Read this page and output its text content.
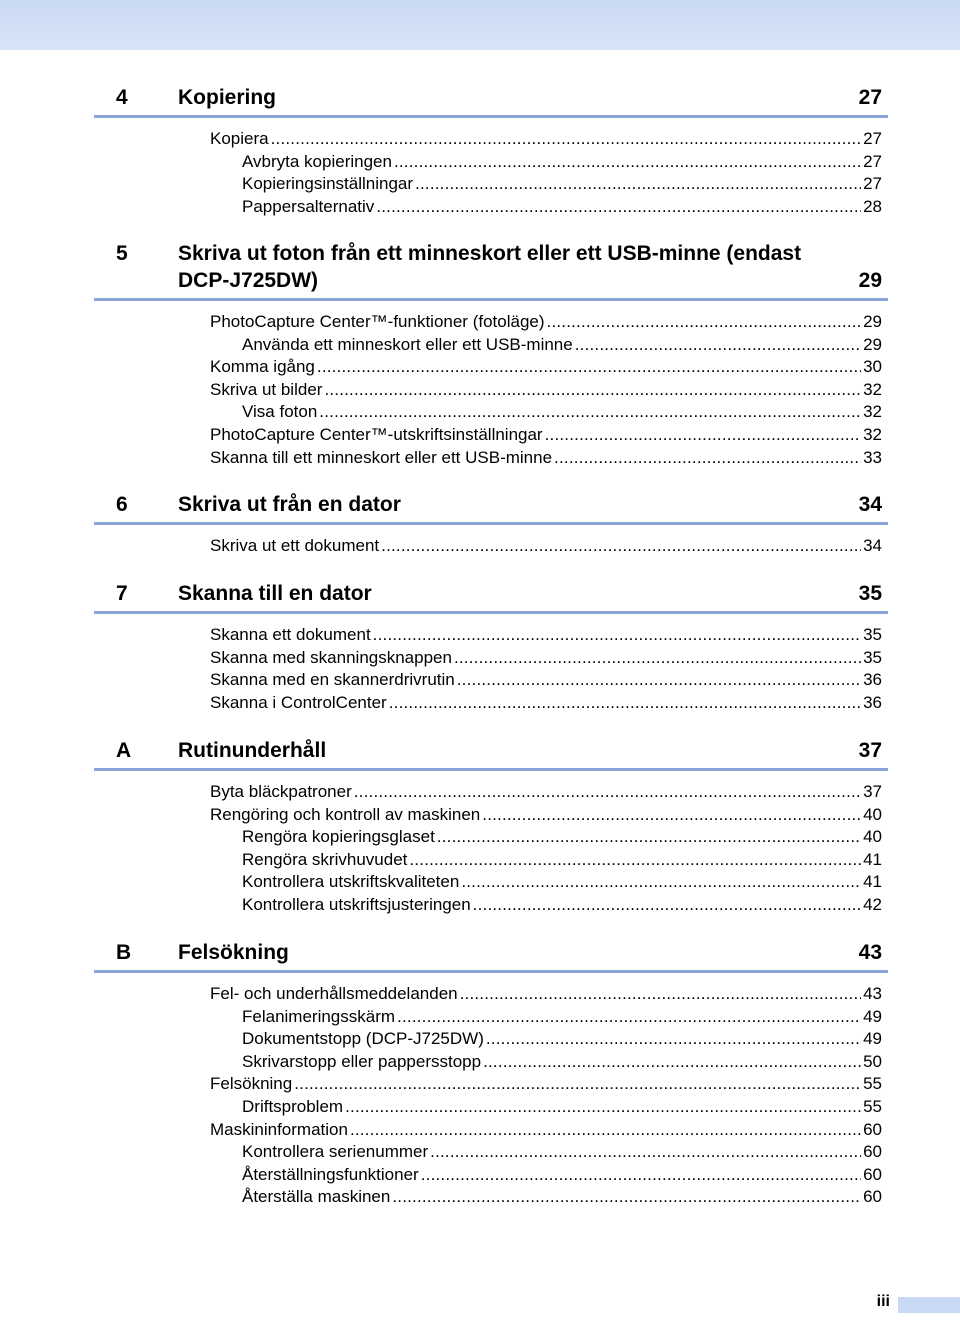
4 Kopiering	27
Kopiera .....	27
Avbryta kopieringen .....	27
Kopieringsinställningar .....	27
Pappersalternativ .....	28
5 Skriva ut foton från ett minneskort eller ett USB-minne (endast DCP-J725DW)	29
PhotoCapture Center™-funktioner (fotoläge) .....	29
Använda ett minneskort eller ett USB-minne .....	29
Komma igång .....	30
Skriva ut bilder .....	32
Visa foton .....	32
PhotoCapture Center™-utskriftsinställningar .....	32
Skanna till ett minneskort eller ett USB-minne .....	33
6 Skriva ut från en dator	34
Skriva ut ett dokument .....	34
7 Skanna till en dator	35
Skanna ett dokument .....	35
Skanna med skanningsknappen .....	35
Skanna med en skannerdrivrutin .....	36
Skanna i ControlCenter .....	36
A Rutinunderhåll	37
Byta bläckpatroner .....	37
Rengöring och kontroll av maskinen .....	40
Rengöra kopieringsglaset .....	40
Rengöra skrivhuvudet .....	41
Kontrollera utskriftskvaliteten .....	41
Kontrollera utskriftsjusteringen .....	42
B Felsökning	43
Fel- och underhållsmeddelanden .....	43
Felanimeringsskärm .....	49
Dokumentstopp (DCP-J725DW) .....	49
Skrivarstopp eller pappersstopp .....	50
Felsökning .....	55
Driftsproblem .....	55
Maskininformation .....	60
Kontrollera serienummer .....	60
Återställningsfunktioner .....	60
Återställa maskinen .....	60
iii
